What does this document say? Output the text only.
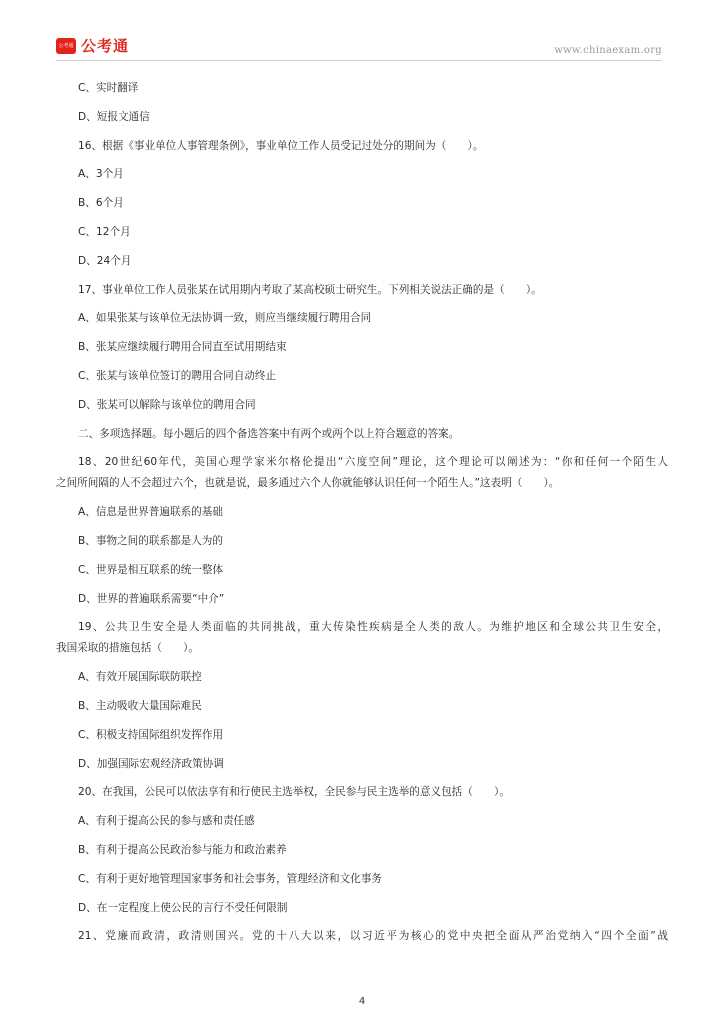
公考通 公考通	www.chinaexam.org
C、实时翻译
D、短报文通信
16、根据《事业单位人事管理条例》，事业单位工作人员受记过处分的期间为（　　）。
A、3个月
B、6个月
C、12个月
D、24个月
17、事业单位工作人员张某在试用期内考取了某高校硕士研究生。下列相关说法正确的是（　　）。
A、如果张某与该单位无法协调一致，则应当继续履行聘用合同
B、张某应继续履行聘用合同直至试用期结束
C、张某与该单位签订的聘用合同自动终止
D、张某可以解除与该单位的聘用合同
二、多项选择题。每小题后的四个备选答案中有两个或两个以上符合题意的答案。
18、20世纪60年代，美国心理学家米尔格伦提出“六度空间”理论，这个理论可以阐述为：“你和任何一个陌生人
之间所间隔的人不会超过六个，也就是说，最多通过六个人你就能够认识任何一个陌生人。”这表明（　　）。
A、信息是世界普遍联系的基础
B、事物之间的联系都是人为的
C、世界是相互联系的统一整体
D、世界的普遍联系需要“中介”
19、公共卫生安全是人类面临的共同挑战，重大传染性疾病是全人类的敌人。为维护地区和全球公共卫生安全，
我国采取的措施包括（　　）。
A、有效开展国际联防联控
B、主动吸收大量国际难民
C、积极支持国际组织发挥作用
D、加强国际宏观经济政策协调
20、在我国，公民可以依法享有和行使民主选举权，全民参与民主选举的意义包括（　　）。
A、有利于提高公民的参与感和责任感
B、有利于提高公民政治参与能力和政治素养
C、有利于更好地管理国家事务和社会事务，管理经济和文化事务
D、在一定程度上使公民的言行不受任何限制
21、党廉而政清，政清则国兴。党的十八大以来，以习近平为核心的党中央把全面从严治党纳入“四个全面”战
4
